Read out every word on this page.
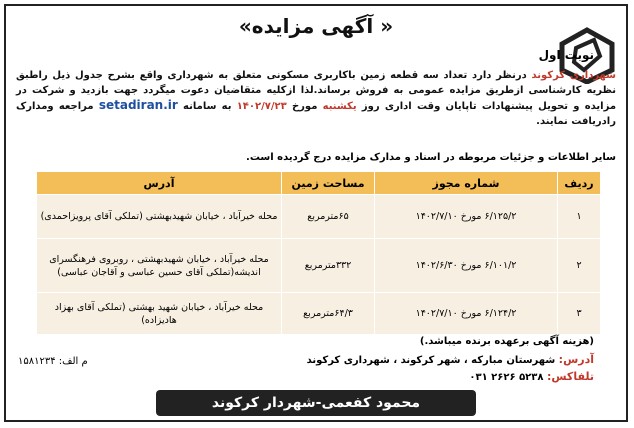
«آگهی مزایده »
نوبت اول
شهرداری کرکوند درنظر دارد تعداد سه قطعه زمین باکاربری مسکونی متعلق به شهرداری واقع بشرح جدول ذیل راطبق نظریه کارشناسی ازطریق مزایده عمومی به فروش برساند.لذا ازکلیه متقاضیان دعوت میگردد جهت بازدید و شرکت در مزایده و تحویل پیشنهادات تاپایان وقت اداری روز یکشنبه مورخ ۱۴۰۲/۷/۲۳ به سامانه setadiran.ir مراجعه ومدارک رادریافت نمایند.
سایر اطلاعات و جزئیات مربوطه در اسناد و مدارک مزایده درج گردیده است.
ردیف	شماره مجوز	مساحت زمین	آدرس
۱	۶/۱۲۵/۲ مورخ ۱۴۰۲/۷/۱۰	۶۵مترمربع	محله خیرآباد ، خیابان شهیدبهشتی (تملکی آقای پرویزاحمدی)
۲	۶/۱۰۱/۲ مورخ ۱۴۰۲/۶/۳۰	۳۳۲مترمربع	محله خیرآباد ، خیابان شهیدبهشتی ، روبروی فرهنگسرای اندیشه(تملکی آقای حسین عباسی و آقاجان عباسی)
۳	۶/۱۲۴/۲ مورخ ۱۴۰۲/۷/۱۰	۶۴/۳مترمربع	محله خیرآباد ، خیابان شهید بهشتی (تملکی آقای بهزاد هادیزاده)
(هزینه آگهی برعهده برنده میباشد.)
آدرس: شهرستان مبارکه ، شهر کرکوند ، شهرداری کرکوند
تلفاکس: ۵۲۳۸ ۲۶۲۶ ۰۳۱
م الف: ۱۵۸۱۲۳۴
محمود کفعمی-شهردار کرکوند
